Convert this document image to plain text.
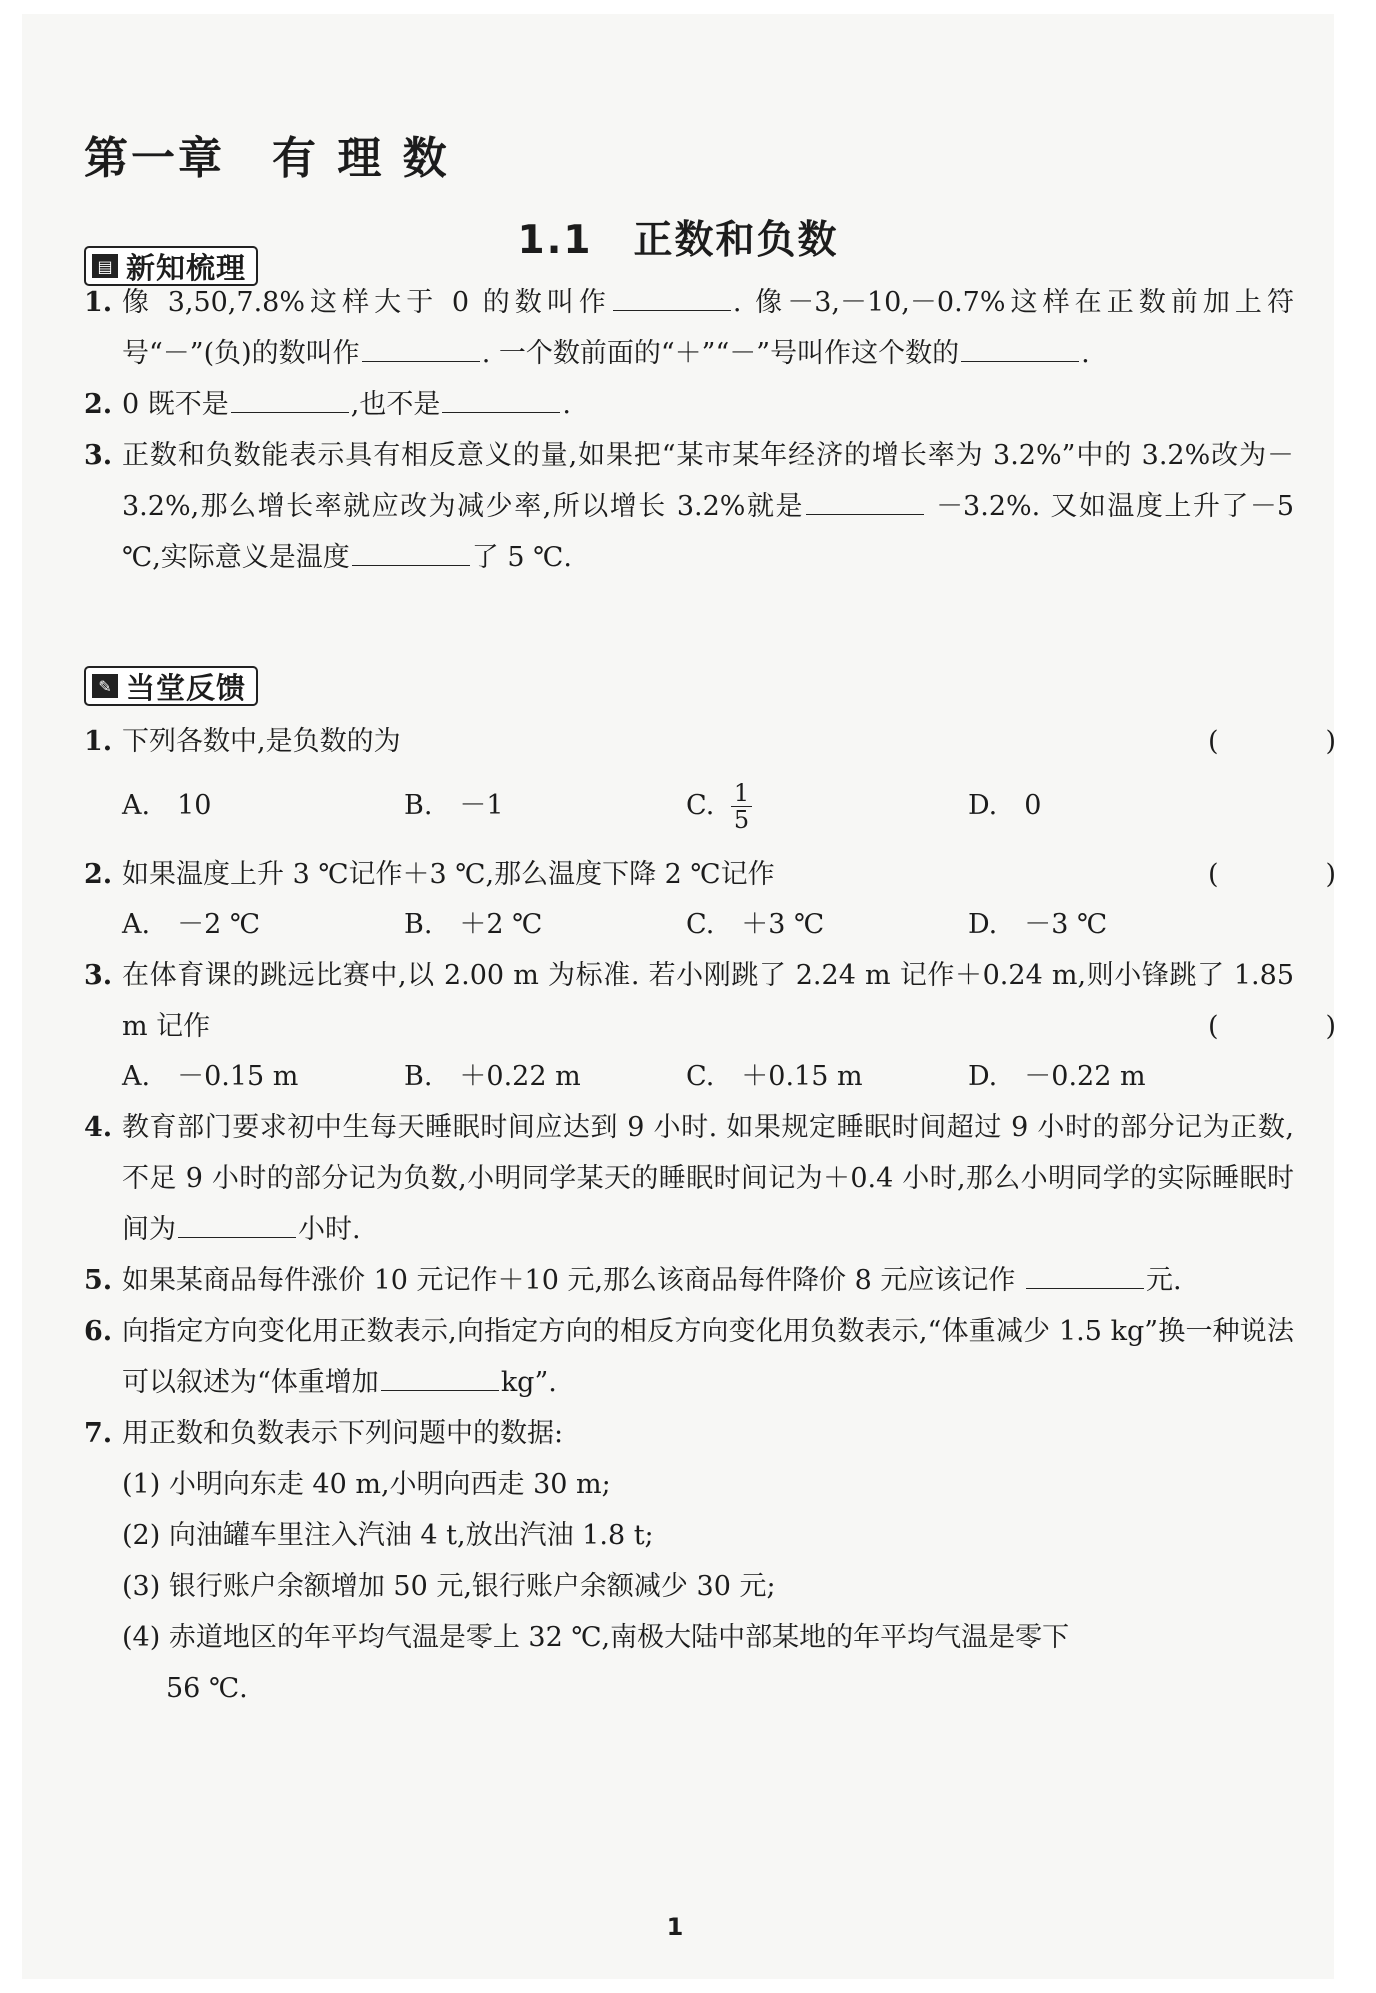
第一章　有 理 数
1.1　正数和负数
▤ 新知梳理
1. 像 3,50,7.8%这样大于 0 的数叫作	. 像－3,－10,－0.7%这样在正数前加上符号“－”(负)的数叫作	. 一个数前面的“＋”“－”号叫作这个数的	.
2. 0 既不是	,也不是	.
3. 正数和负数能表示具有相反意义的量,如果把“某市某年经济的增长率为 3.2%”中的 3.2%改为－3.2%,那么增长率就应改为减少率,所以增长 3.2%就是	－3.2%. 又如温度上升了－5 ℃,实际意义是温度	了 5 ℃.
✎ 当堂反馈
(　)
1. 下列各数中,是负数的为
A.　10	B.　－1	C. $\frac{1}{5}$	D.　0
(　)
2. 如果温度上升 3 ℃记作＋3 ℃,那么温度下降 2 ℃记作
A.　－2 ℃	B.　＋2 ℃	C.　＋3 ℃	D.　－3 ℃
3. 在体育课的跳远比赛中,以 2.00 m 为标准. 若小刚跳了 2.24 m 记作＋0.24 m,则小锋跳了 1.85 m 记作	(　)
A.　－0.15 m	B.　＋0.22 m	C.　＋0.15 m	D.　－0.22 m
4. 教育部门要求初中生每天睡眠时间应达到 9 小时. 如果规定睡眠时间超过 9 小时的部分记为正数,不足 9 小时的部分记为负数,小明同学某天的睡眠时间记为＋0.4 小时,那么小明同学的实际睡眠时间为	小时.
5. 如果某商品每件涨价 10 元记作＋10 元,那么该商品每件降价 8 元应该记作	元.
6. 向指定方向变化用正数表示,向指定方向的相反方向变化用负数表示,“体重减少 1.5 kg”换一种说法可以叙述为“体重增加	kg”.
7. 用正数和负数表示下列问题中的数据:
(1) 小明向东走 40 m,小明向西走 30 m;
(2) 向油罐车里注入汽油 4 t,放出汽油 1.8 t;
(3) 银行账户余额增加 50 元,银行账户余额减少 30 元;
(4) 赤道地区的年平均气温是零上 32 ℃,南极大陆中部某地的年平均气温是零下
56 ℃.
1
